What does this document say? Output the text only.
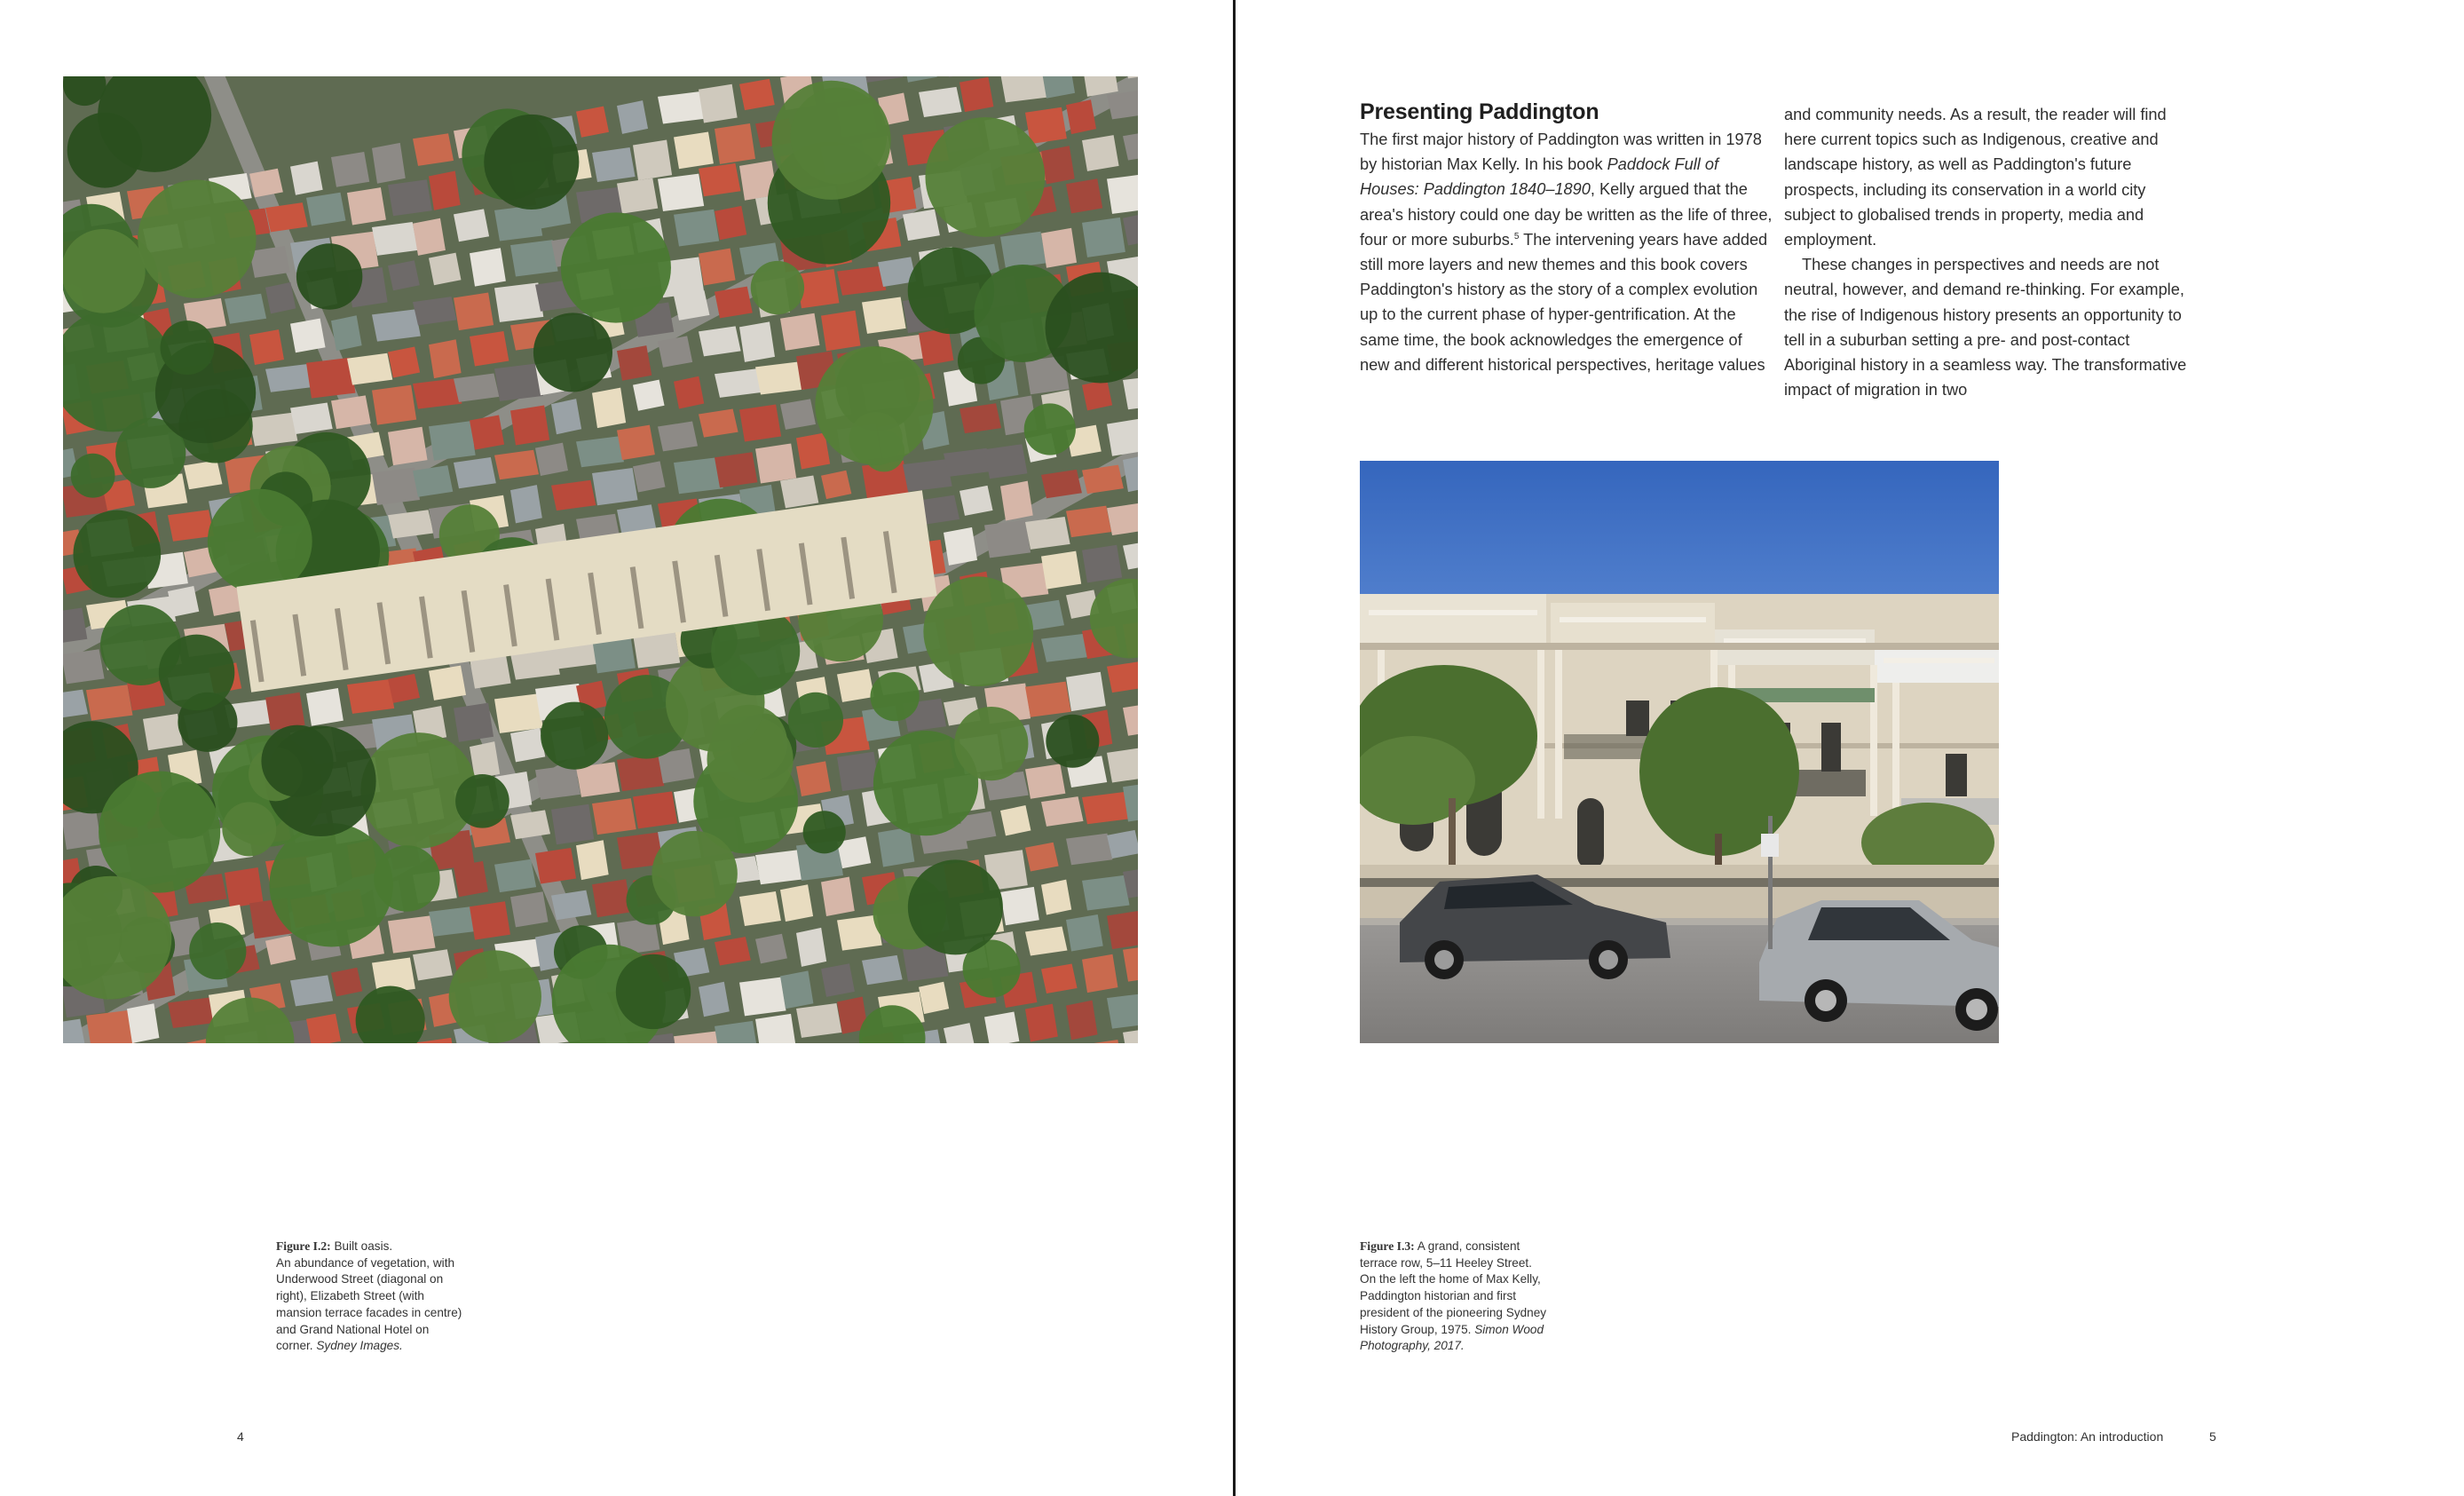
Presenting Paddington

The first major history of Paddington was written in 1978 by historian Max Kelly. In his book Paddock Full of Houses: Paddington 1840–1890, Kelly argued that the area's history could one day be written as the life of three, four or more suburbs.$^5$ The intervening years have added still more layers and new themes and this book covers Paddington's history as the story of a complex evolution up to the current phase of hyper-gentrification. At the same time, the book acknowledges the emergence of new and different historical perspectives, heritage values

and community needs. As a result, the reader will find here current topics such as Indigenous, creative and landscape history, as well as Paddington's future prospects, including its conservation in a world city subject to globalised trends in property, media and employment.

These changes in perspectives and needs are not neutral, however, and demand re-thinking. For example, the rise of Indigenous history presents an opportunity to tell in a suburban setting a pre- and post-contact Aboriginal history in a seamless way. The transformative impact of migration in two

Figure I.2: Built oasis.
An abundance of vegetation, with Underwood Street (diagonal on right), Elizabeth Street (with mansion terrace facades in centre) and Grand National Hotel on corner. Sydney Images.
Figure I.3: A grand, consistent terrace row, 5–11 Heeley Street. On the left the home of Max Kelly, Paddington historian and first president of the pioneering Sydney History Group, 1975. Simon Wood Photography, 2017.
4	Paddington: An introduction	5
